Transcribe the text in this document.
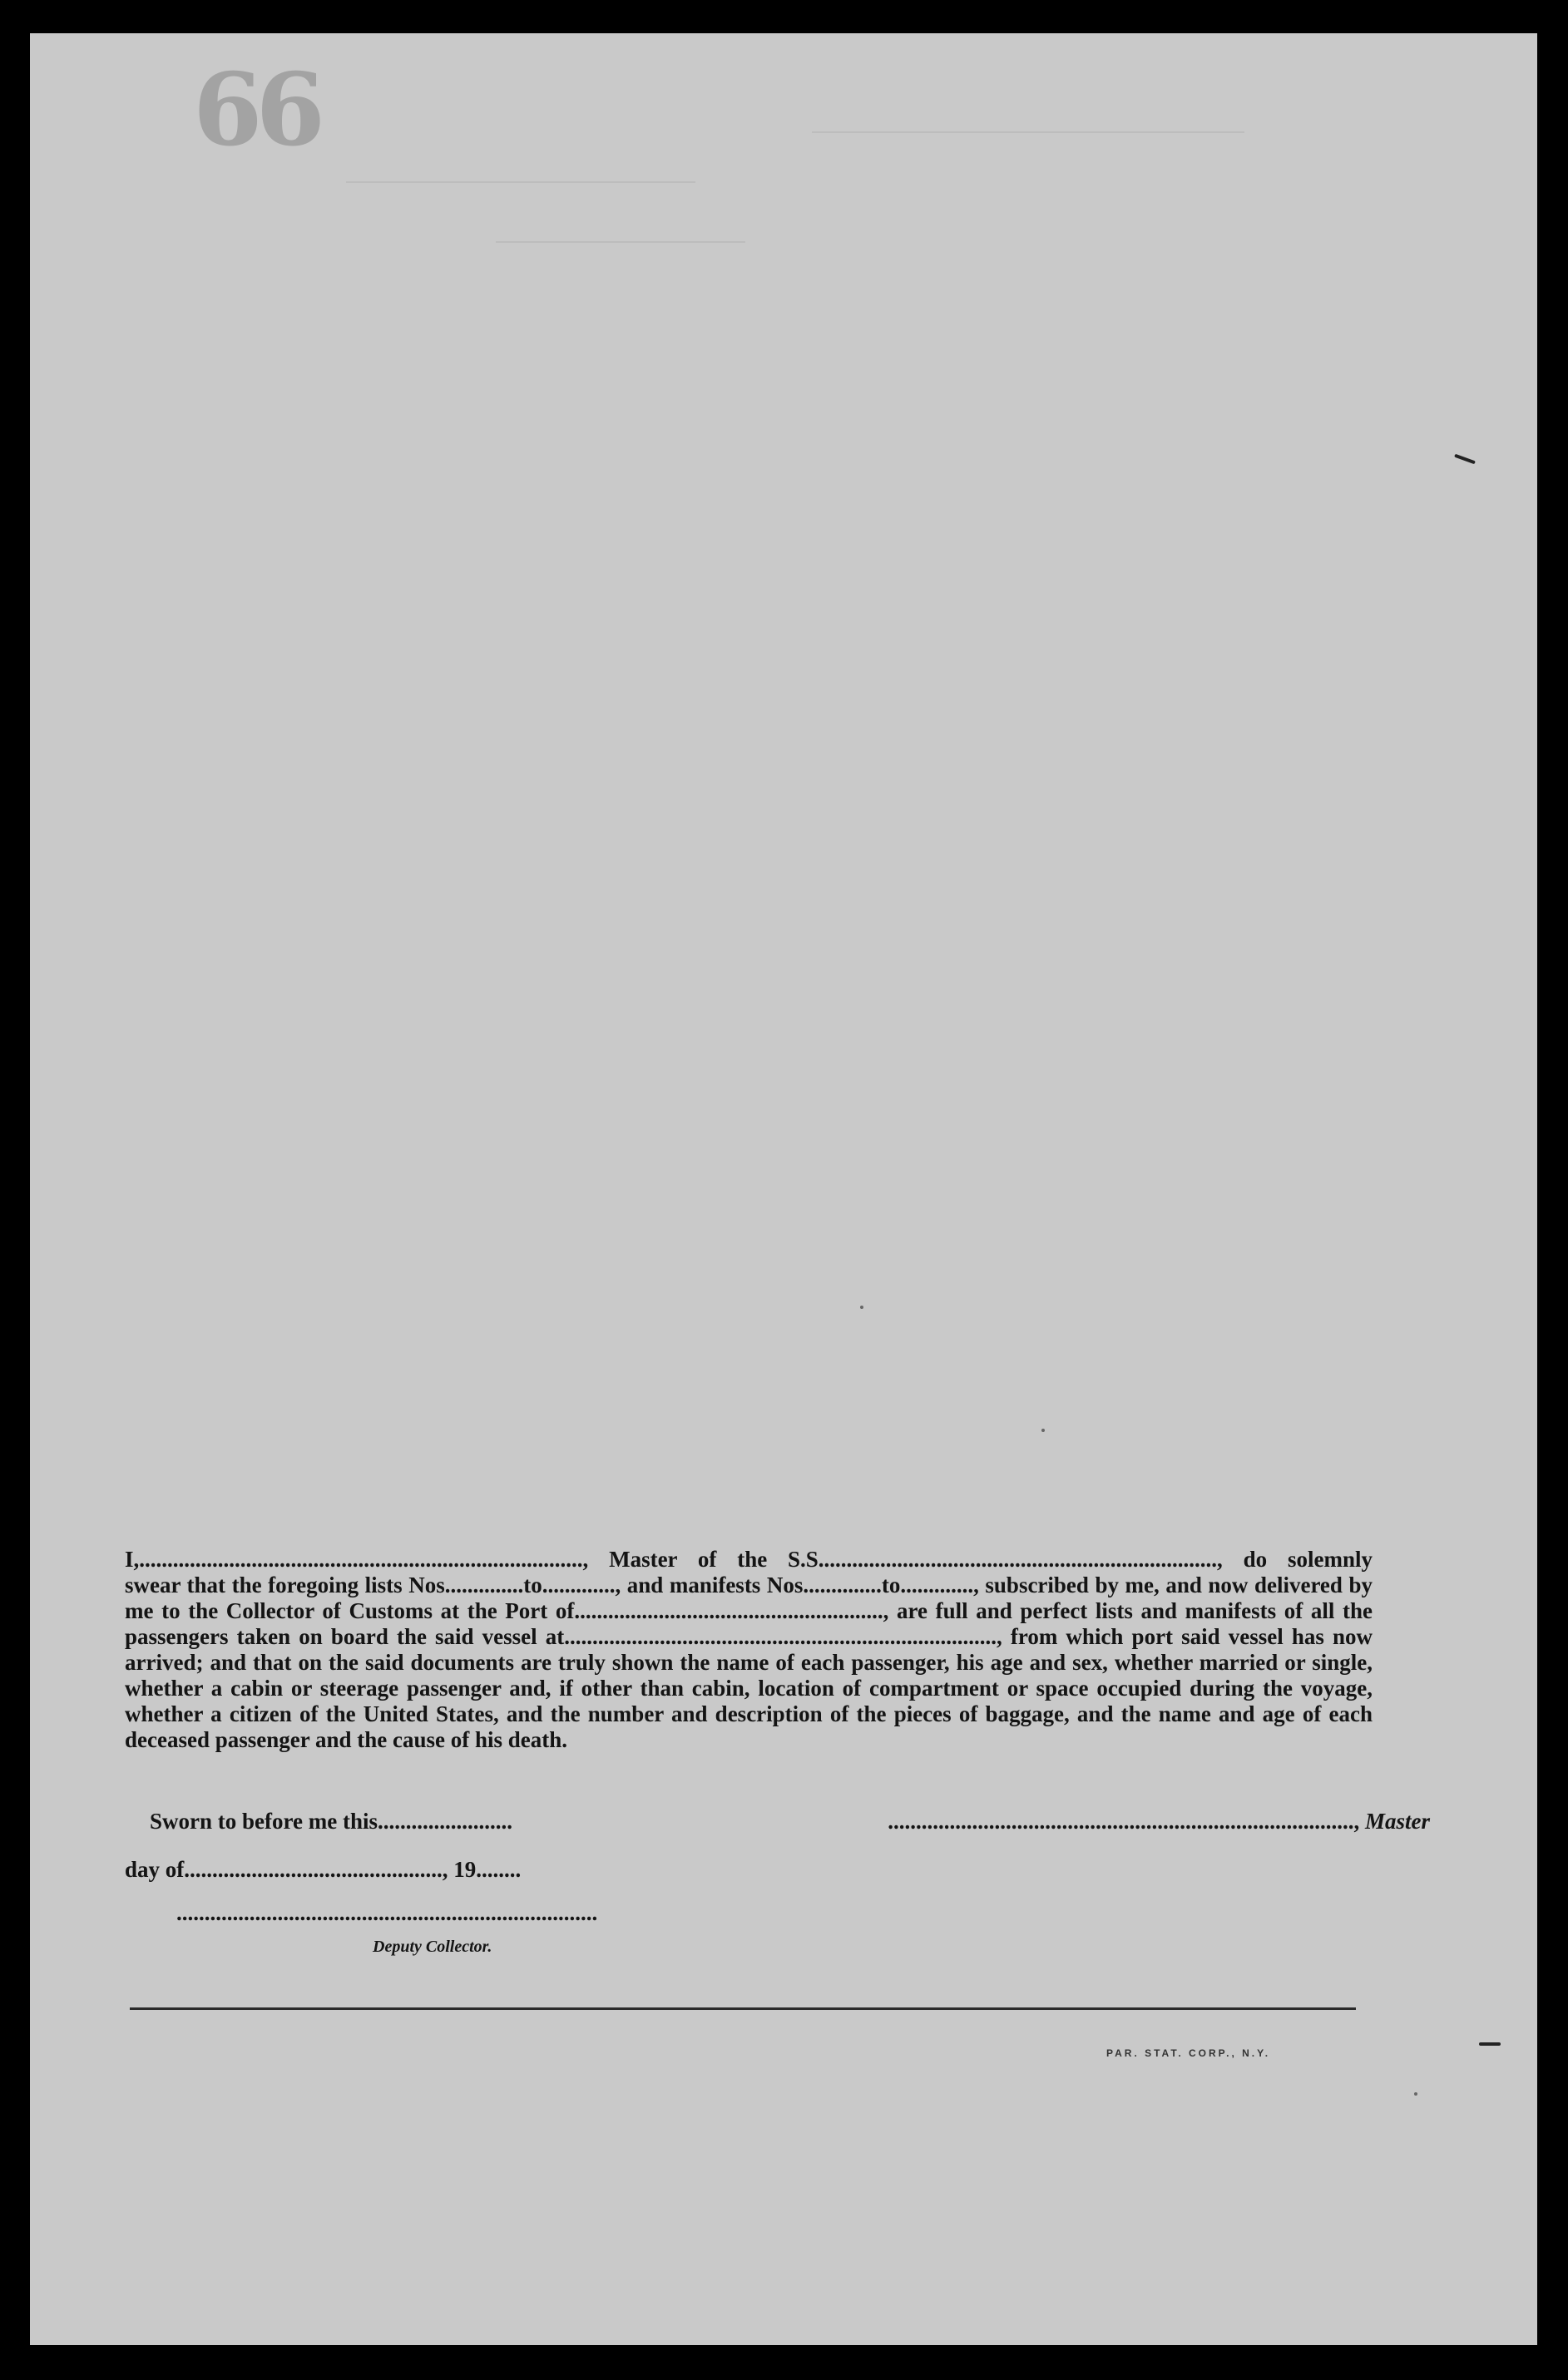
66
I,..............................................................................., Master of the S.S......................................................................., do solemnly
swear that the foregoing lists Nos..............to............., and manifests Nos..............to............., subscribed by me, and now delivered by me to the Collector of Customs at the Port of......................................................., are full and perfect lists and manifests of all the passengers taken on board the said vessel at............................................................................., from which port said vessel has now arrived; and that on the said documents are truly shown the name of each passenger, his age and sex, whether married or single, whether a cabin or steerage passenger and, if other than cabin, location of compartment or space occupied during the voyage, whether a citizen of the United States, and the number and description of the pieces of baggage, and the name and age of each deceased passenger and the cause of his death.
Sworn to before me this........................	..................................................................................., Master
day of.............................................., 19........
...........................................................................
Deputy Collector.
PAR. STAT. CORP., N.Y.
